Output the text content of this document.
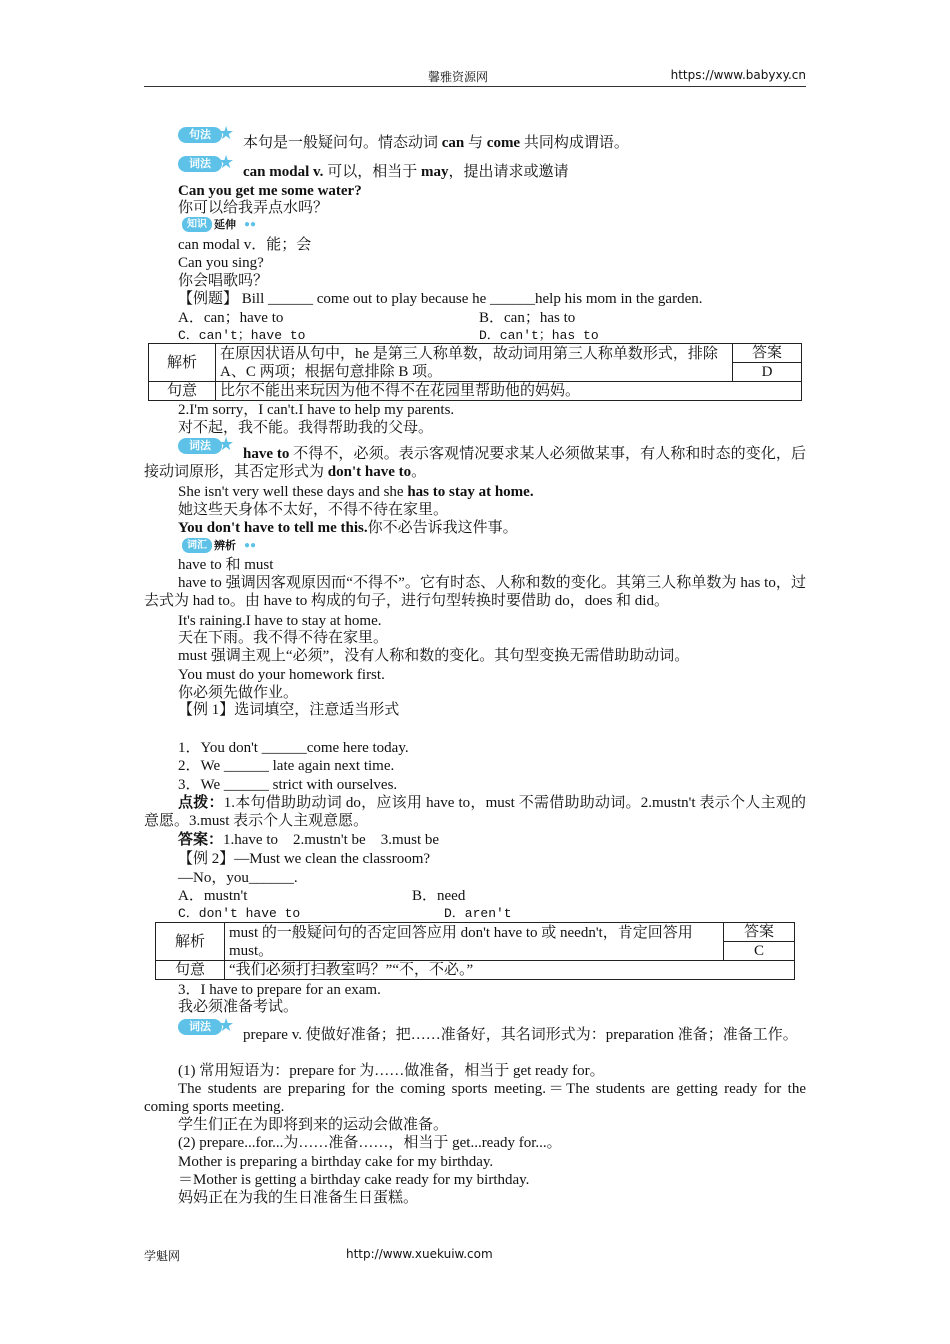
馨雅资源网	https://www.babyxy.cn
句法 ★ 本句是一般疑问句。情态动词 can 与 come 共同构成谓语。
词法 ★ can modal v. 可以，相当于 may，提出请求或邀请
Can you get me some water?
你可以给我弄点水吗？
知识 延伸 ●●
can modal v．能；会
Can you sing?
你会唱歌吗？
【例题】 Bill ______ come out to play because he ______help his mom in the garden.
A．can；have to	B．can；has to
C．can't；have to	D．can't；has to
解析	在原因状语从句中，he 是第三人称单数，故动词用第三人称单数形式，排除 A、C 两项；根据句意排除 B 项。	答案
		D
句意	比尔不能出来玩因为他不得不在花园里帮助他的妈妈。	
2.I'm sorry，I can't.I have to help my parents.
对不起，我不能。我得帮助我的父母。
词法 ★ have to 不得不，必须。表示客观情况要求某人必须做某事，有人称和时态的变化，后接动词原形，其否定形式为 don't have to。
She isn't very well these days and she has to stay at home.
她这些天身体不太好，不得不待在家里。
You don't have to tell me this.你不必告诉我这件事。
词汇 辨析 ●●
have to 和 must
have to 强调因客观原因而“不得不”。它有时态、人称和数的变化。其第三人称单数为 has to，过去式为 had to。由 have to 构成的句子，进行句型转换时要借助 do，does 和 did。
It's raining.I have to stay at home.
天在下雨。我不得不待在家里。
must 强调主观上“必须”，没有人称和数的变化。其句型变换无需借助助动词。
You must do your homework first.
你必须先做作业。
【例 1】选词填空，注意适当形式
1．You don't ______come here today.
2．We ______ late again next time.
3．We ______ strict with ourselves.
点拨：1.本句借助助动词 do，应该用 have to，must 不需借助助动词。2.mustn't 表示个人主观的意愿。3.must 表示个人主观意愿。
答案：1.have to　2.mustn't be　3.must be
【例 2】—Must we clean the classroom?
—No，you______.
A．mustn't	B．need
C．don't have to	D．aren't
解析	must 的一般疑问句的否定回答应用 don't have to 或 needn't，肯定回答用 must。	答案
		C
句意	“我们必须打扫教室吗？”“不，不必。”	
3．I have to prepare for an exam.
我必须准备考试。
词法 ★ prepare v. 使做好准备；把……准备好，其名词形式为：preparation 准备；准备工作。
(1) 常用短语为：prepare for 为……做准备，相当于 get ready for。
The students are preparing for the coming sports meeting.＝The students are getting ready for the coming sports meeting.
学生们正在为即将到来的运动会做准备。
(2) prepare...for...为……准备……，相当于 get...ready for...。
Mother is preparing a birthday cake for my birthday.
＝Mother is getting a birthday cake ready for my birthday.
妈妈正在为我的生日准备生日蛋糕。
学魁网	http://www.xuekuiw.com
